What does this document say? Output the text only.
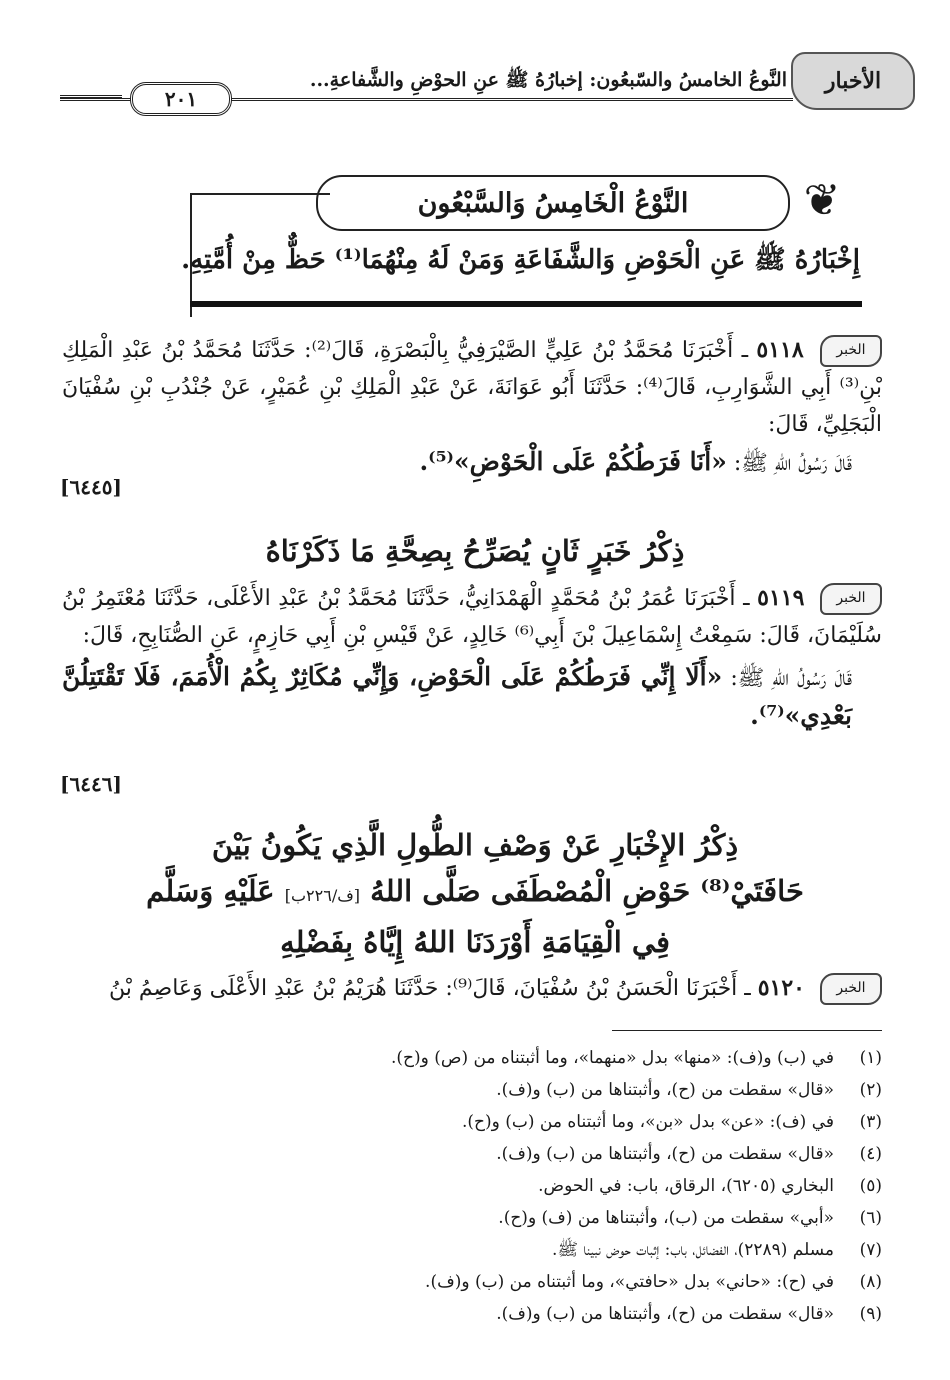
الأخبار
النَّوعُ الخامسُ والسّبعُون: إخبارُهُ ﷺ عنِ الحوْضِ والشَّفاعةِ...
٢٠١
❦
النَّوْعُ الْخَامِسُ وَالسَّبْعُون
إِخْبَارُهُ ﷺ عَنِ الْحَوْضِ وَالشَّفَاعَةِ وَمَنْ لَهُ مِنْهُمَا⁽¹⁾ حَظٌّ مِنْ أُمَّتِهِ.

الخبر ٥١١٨ ـ أَخْبَرَنَا مُحَمَّدُ بْنُ عَلِيٍّ الصَّيْرَفِيُّ بِالْبَصْرَةِ، قَالَ⁽²⁾: حَدَّثَنَا مُحَمَّدُ بْنُ عَبْدِ الْمَلِكِ بْنِ⁽³⁾ أَبِي الشَّوَارِبِ، قَالَ⁽⁴⁾: حَدَّثَنَا أَبُو عَوَانَةَ، عَنْ عَبْدِ الْمَلِكِ بْنِ عُمَيْرٍ، عَنْ جُنْدُبِ بْنِ سُفْيَانَ الْبَجَلِيِّ، قَالَ:

قَالَ رَسُولُ اللهِ ﷺ: «أَنَا فَرَطُكُمْ عَلَى الْحَوْضِ»⁽⁵⁾.

[٦٤٤٥]
ذِكْرُ خَبَرٍ ثَانٍ يُصَرِّحُ بِصِحَّةِ مَا ذَكَرْنَاهُ

الخبر ٥١١٩ ـ أَخْبَرَنَا عُمَرُ بْنُ مُحَمَّدٍ الْهَمْدَانِيُّ، حَدَّثَنَا مُحَمَّدُ بْنُ عَبْدِ الأَعْلَى، حَدَّثَنَا مُعْتَمِرُ بْنُ سُلَيْمَانَ، قَالَ: سَمِعْتُ إِسْمَاعِيلَ بْنَ أَبِي⁽⁶⁾ خَالِدٍ، عَنْ قَيْسِ بْنِ أَبِي حَازِمٍ، عَنِ الصُّنَابِحِ، قَالَ:

قَالَ رَسُولُ اللهِ ﷺ: «أَلَا إِنِّي فَرَطُكُمْ عَلَى الْحَوْضِ، وَإِنِّي مُكَاثِرٌ بِكُمُ الْأُمَمَ، فَلَا تَقْتَتِلُنَّ بَعْدِي»⁽⁷⁾.

[٦٤٤٦]
ذِكْرُ الإِخْبَارِ عَنْ وَصْفِ الطُّولِ الَّذِي يَكُونُ بَيْنَ
حَافَتَيْ⁽⁸⁾ حَوْضِ الْمُصْطَفَى صَلَّى اللهُ [ف/٢٢٦ب] عَلَيْهِ وَسَلَّم
فِي الْقِيَامَةِ أَوْرَدَنَا اللهُ إِيَّاهُ بِفَضْلِهِ

الخبر ٥١٢٠ ـ أَخْبَرَنَا الْحَسَنُ بْنُ سُفْيَانَ، قَالَ⁽⁹⁾: حَدَّثَنَا هُرَيْمُ بْنُ عَبْدِ الأَعْلَى وَعَاصِمُ بْنُ

(١)
في (ب) و(ف): «منها» بدل «منهما»، وما أثبتناه من (ص) و(ح).
(٢)
«قال» سقطت من (ح)، وأثبتناها من (ب) و(ف).
(٣)
في (ف): «عن» بدل «بن»، وما أثبتناه من (ب) و(ح).
(٤)
«قال» سقطت من (ح)، وأثبتناها من (ب) و(ف).
(٥)
البخاري (٦٢٠٥)، الرقاق، باب: في الحوض.
(٦)
«أبي» سقطت من (ب)، وأثبتناها من (ف) و(ح).
(٧)
مسلم (٢٢٨٩)، الفضائل، باب: إثبات حوض نبينا ﷺ.
(٨)
في (ح): «حاني» بدل «حافتي»، وما أثبتناه من (ب) و(ف).
(٩)
«قال» سقطت من (ح)، وأثبتناها من (ب) و(ف).
